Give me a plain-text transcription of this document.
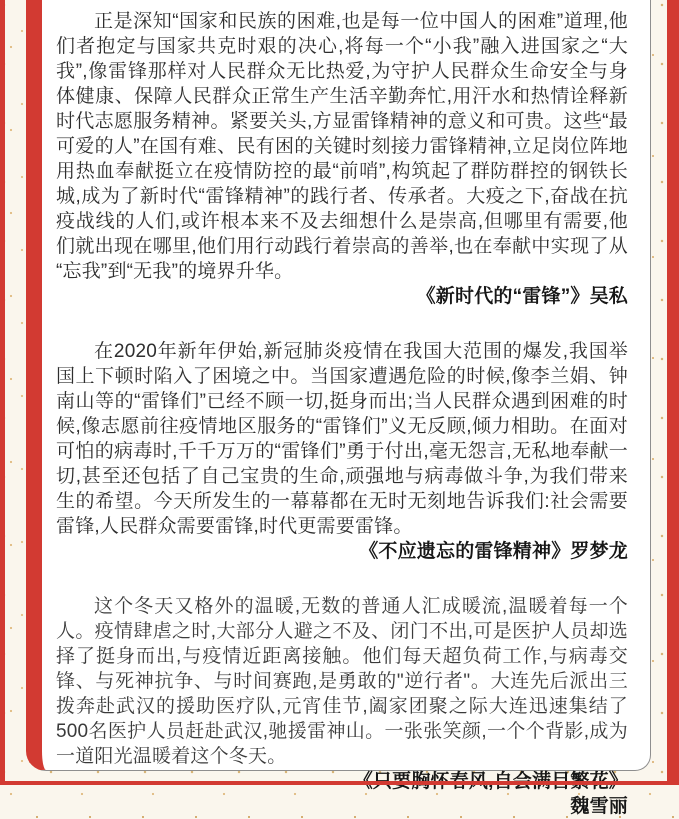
正是深知“国家和民族的困难,也是每一位中国人的困难”道理,他们者抱定与国家共克时艰的决心,将每一个“小我”融入进国家之“大我”,像雷锋那样对人民群众无比热爱,为守护人民群众生命安全与身体健康、保障人民群众正常生产生活辛勤奔忙,用汗水和热情诠释新时代志愿服务精神。紧要关头,方显雷锋精神的意义和可贵。这些“最可爱的人”在国有难、民有困的关键时刻接力雷锋精神,立足岗位阵地用热血奉献挺立在疫情防控的最“前哨”,构筑起了群防群控的钢铁长城,成为了新时代“雷锋精神”的践行者、传承者。大疫之下,奋战在抗疫战线的人们,或许根本来不及去细想什么是崇高,但哪里有需要,他们就出现在哪里,他们用行动践行着崇高的善举,也在奉献中实现了从“忘我”到“无我”的境界升华。

《新时代的“雷锋”》吴私

在2020年新年伊始,新冠肺炎疫情在我国大范围的爆发,我国举国上下顿时陷入了困境之中。当国家遭遇危险的时候,像李兰娟、钟南山等的“雷锋们”已经不顾一切,挺身而出;当人民群众遇到困难的时候,像志愿前往疫情地区服务的“雷锋们”义无反顾,倾力相助。在面对可怕的病毒时,千千万万的“雷锋们”勇于付出,毫无怨言,无私地奉献一切,甚至还包括了自己宝贵的生命,顽强地与病毒做斗争,为我们带来生的希望。今天所发生的一幕幕都在无时无刻地告诉我们:社会需要雷锋,人民群众需要雷锋,时代更需要雷锋。

《不应遗忘的雷锋精神》罗梦龙

这个冬天又格外的温暖,无数的普通人汇成暖流,温暖着每一个人。疫情肆虐之时,大部分人避之不及、闭门不出,可是医护人员却选择了挺身而出,与疫情近距离接触。他们每天超负荷工作,与病毒交锋、与死神抗争、与时间赛跑,是勇敢的"逆行者"。大连先后派出三拨奔赴武汉的援助医疗队,元宵佳节,阖家团聚之际大连迅速集结了500名医护人员赶赴武汉,驰援雷神山。一张张笑颜,一个个背影,成为一道阳光温暖着这个冬天。

魏雪丽
